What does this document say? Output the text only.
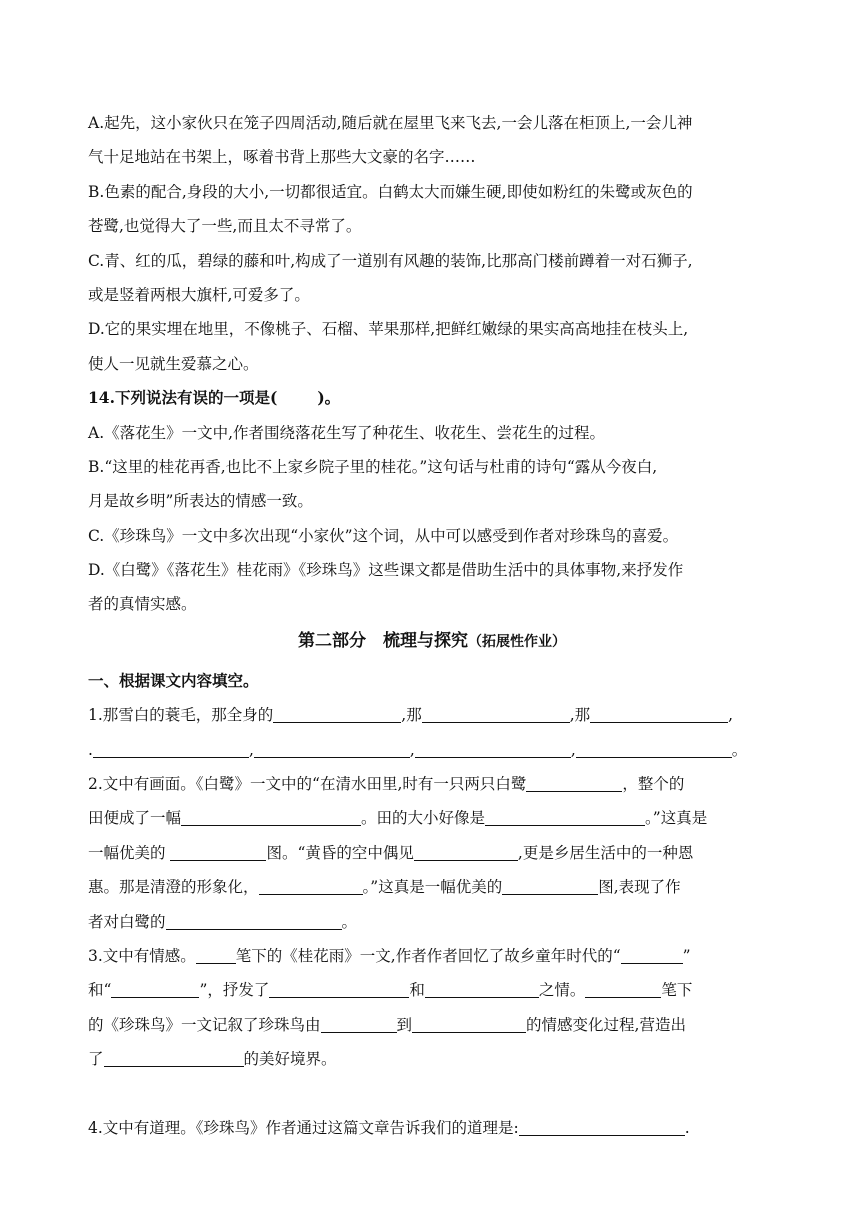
A.起先，这小家伙只在笼子四周活动,随后就在屋里飞来飞去,一会儿落在柜顶上,一会儿神
气十足地站在书架上，啄着书背上那些大文豪的名字……
B.色素的配合,身段的大小,一切都很适宜。白鹤太大而嫌生硬,即使如粉红的朱鹭或灰色的
苍鹭,也觉得大了一些,而且太不寻常了。
C.青、红的瓜，碧绿的藤和叶,构成了一道别有风趣的装饰,比那高门楼前蹲着一对石狮子,
或是竖着两根大旗杆,可爱多了。
D.它的果实埋在地里，不像桃子、石榴、苹果那样,把鲜红嫩绿的果实高高地挂在枝头上,
使人一见就生爱慕之心。
14.下列说法有误的一项是(	)。
A.《落花生》一文中,作者围绕落花生写了种花生、收花生、尝花生的过程。
B.“这里的桂花再香,也比不上家乡院子里的桂花。”这句话与杜甫的诗句“露从今夜白,
月是故乡明”所表达的情感一致。
C.《珍珠鸟》一文中多次出现“小家伙”这个词，从中可以感受到作者对珍珠鸟的喜爱。
D.《白鹭》《落花生》桂花雨》《珍珠鸟》这些课文都是借助生活中的具体事物,来抒发作
者的真情实感。
第二部分　梳理与探究（拓展性作业）
一、根据课文内容填空。
1.那雪白的蓑毛，那全身的	,那	,那	,
.	,	,	,	。
2.文中有画面。《白鹭》一文中的“在清水田里,时有一只两只白鹭	，整个的
田便成了一幅	。田的大小好像是	。”这真是
一幅优美的	图。“黄昏的空中偶见	,更是乡居生活中的一种恩
惠。那是清澄的形象化，	。”这真是一幅优美的	图,表现了作
者对白鹭的	。
3.文中有情感。	笔下的《桂花雨》一文,作者作者回忆了故乡童年时代的“	”
和“	”，抒发了	和	之情。	笔下
的《珍珠鸟》一文记叙了珍珠鸟由	到	的情感变化过程,营造出
了	的美好境界。
4.文中有道理。《珍珠鸟》作者通过这篇文章告诉我们的道理是:	.
